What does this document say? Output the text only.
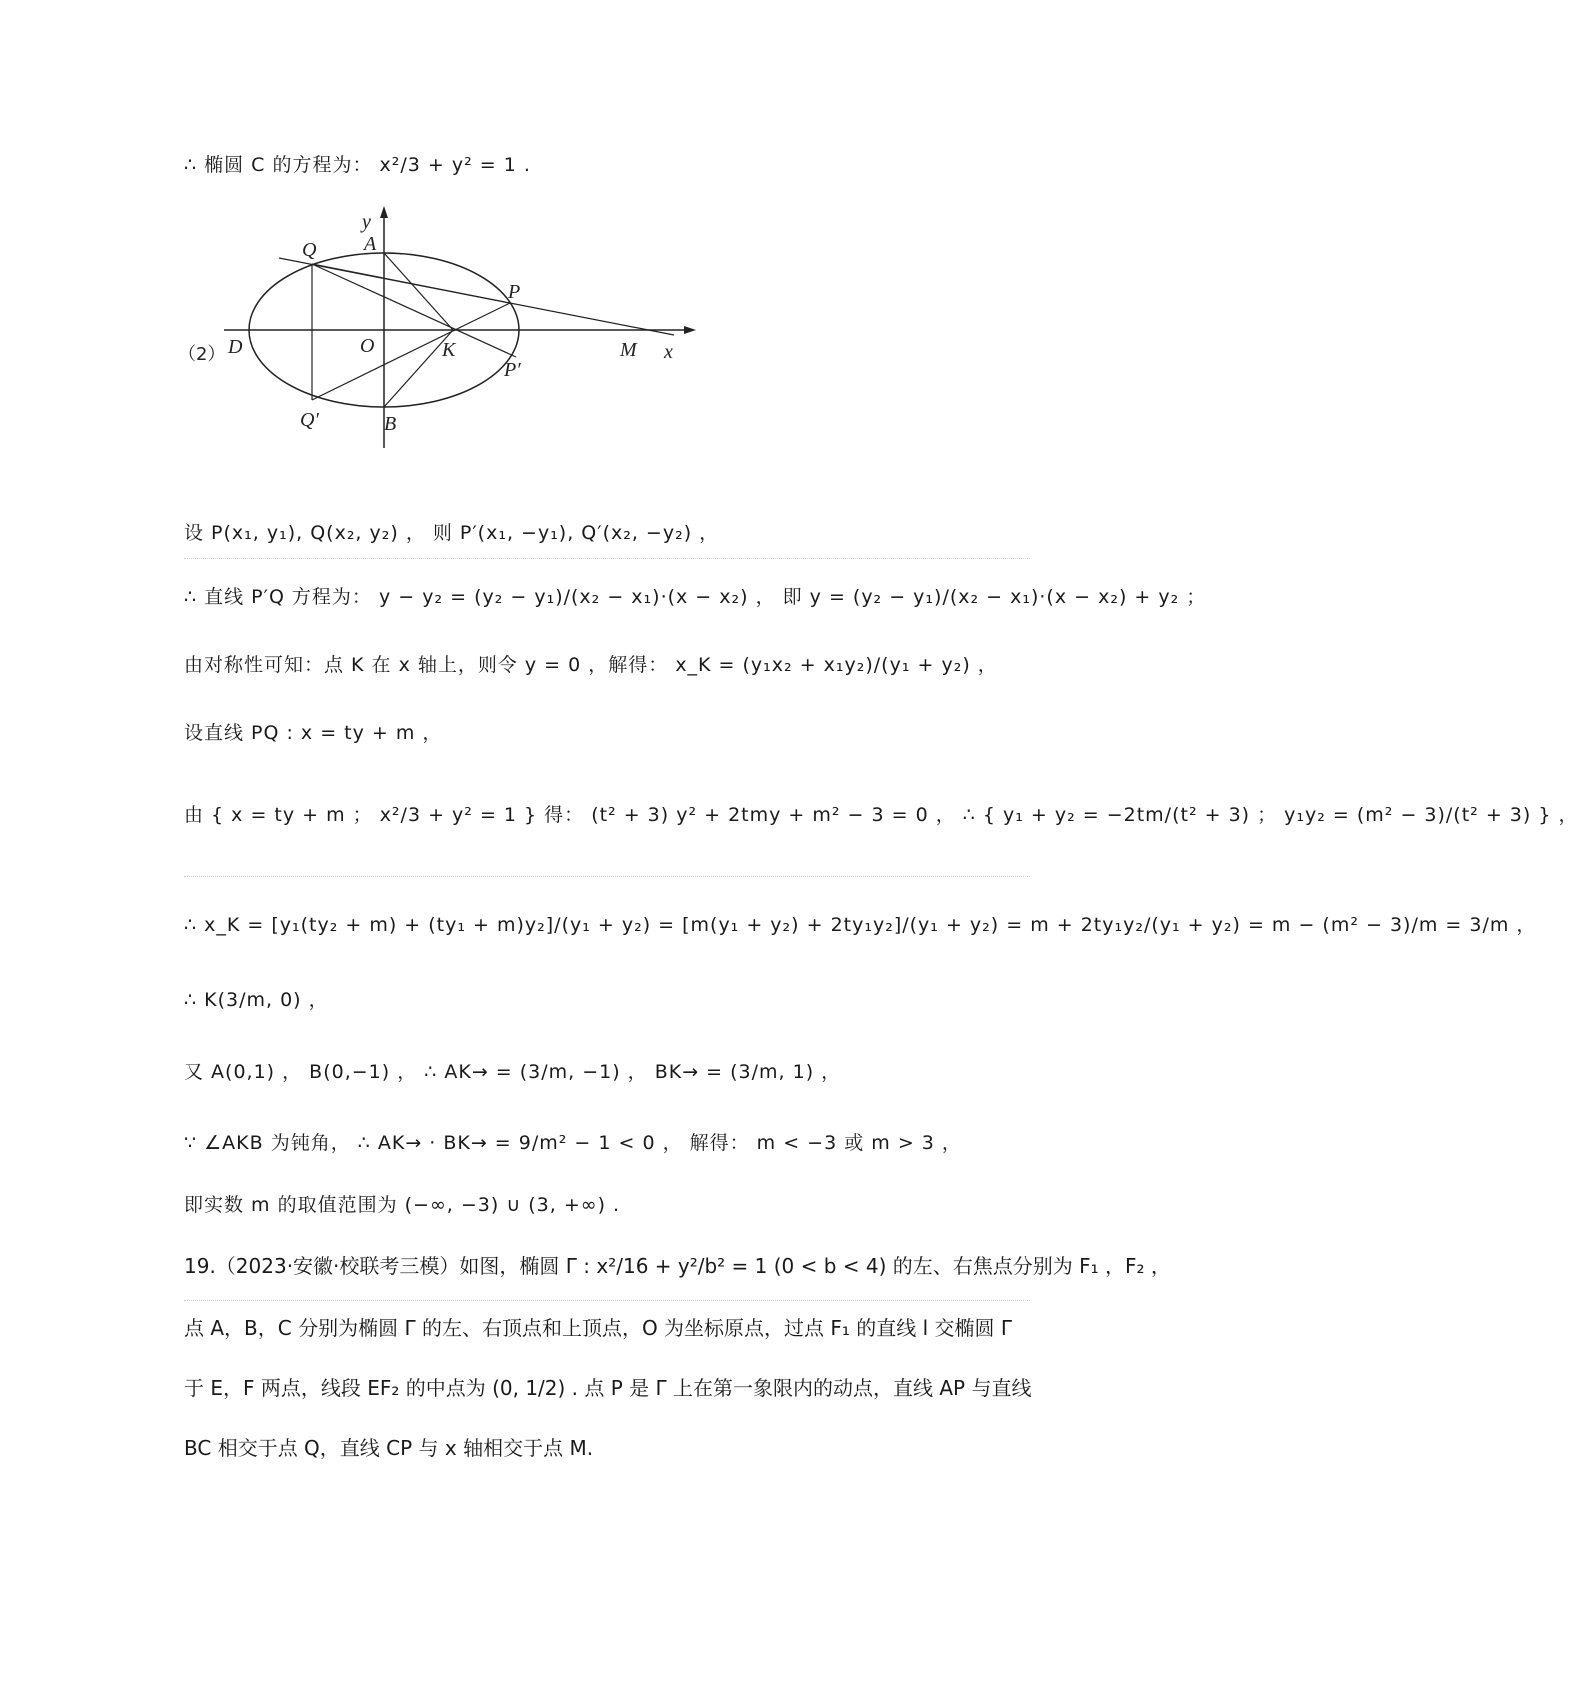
∴ 椭圆 C 的方程为： x²/3 + y² = 1 .
y
x
Q A
P
D	O	K	M
P′
Q′	B
（2）
设 P(x₁, y₁), Q(x₂, y₂) ， 则 P′(x₁, −y₁), Q′(x₂, −y₂) ，
∴ 直线 P′Q 方程为： y − y₂ = (y₂ − y₁)/(x₂ − x₁)·(x − x₂) ， 即 y = (y₂ − y₁)/(x₂ − x₁)·(x − x₂) + y₂ ；
由对称性可知：点 K 在 x 轴上，则令 y = 0 ，解得： x_K = (y₁x₂ + x₁y₂)/(y₁ + y₂) ，
设直线 PQ : x = ty + m ，
由 { x = ty + m ； x²/3 + y² = 1 } 得： (t² + 3) y² + 2tmy + m² − 3 = 0 ， ∴ { y₁ + y₂ = −2tm/(t² + 3) ； y₁y₂ = (m² − 3)/(t² + 3) } ，
∴ x_K = [y₁(ty₂ + m) + (ty₁ + m)y₂]/(y₁ + y₂) = [m(y₁ + y₂) + 2ty₁y₂]/(y₁ + y₂) = m + 2ty₁y₂/(y₁ + y₂) = m − (m² − 3)/m = 3/m ，
∴ K(3/m, 0) ，
又 A(0,1) ， B(0,−1) ， ∴ AK→ = (3/m, −1) ， BK→ = (3/m, 1) ，
∵ ∠AKB 为钝角， ∴ AK→ · BK→ = 9/m² − 1 < 0 ， 解得： m < −3 或 m > 3 ，
即实数 m 的取值范围为 (−∞, −3) ∪ (3, +∞) .
19.（2023·安徽·校联考三模）如图，椭圆 Γ : x²/16 + y²/b² = 1 (0 < b < 4) 的左、右焦点分别为 F₁ ，F₂ ，
点 A，B，C 分别为椭圆 Γ 的左、右顶点和上顶点，O 为坐标原点，过点 F₁ 的直线 l 交椭圆 Γ
于 E，F 两点，线段 EF₂ 的中点为 (0, 1/2) . 点 P 是 Γ 上在第一象限内的动点，直线 AP 与直线
BC 相交于点 Q，直线 CP 与 x 轴相交于点 M.
